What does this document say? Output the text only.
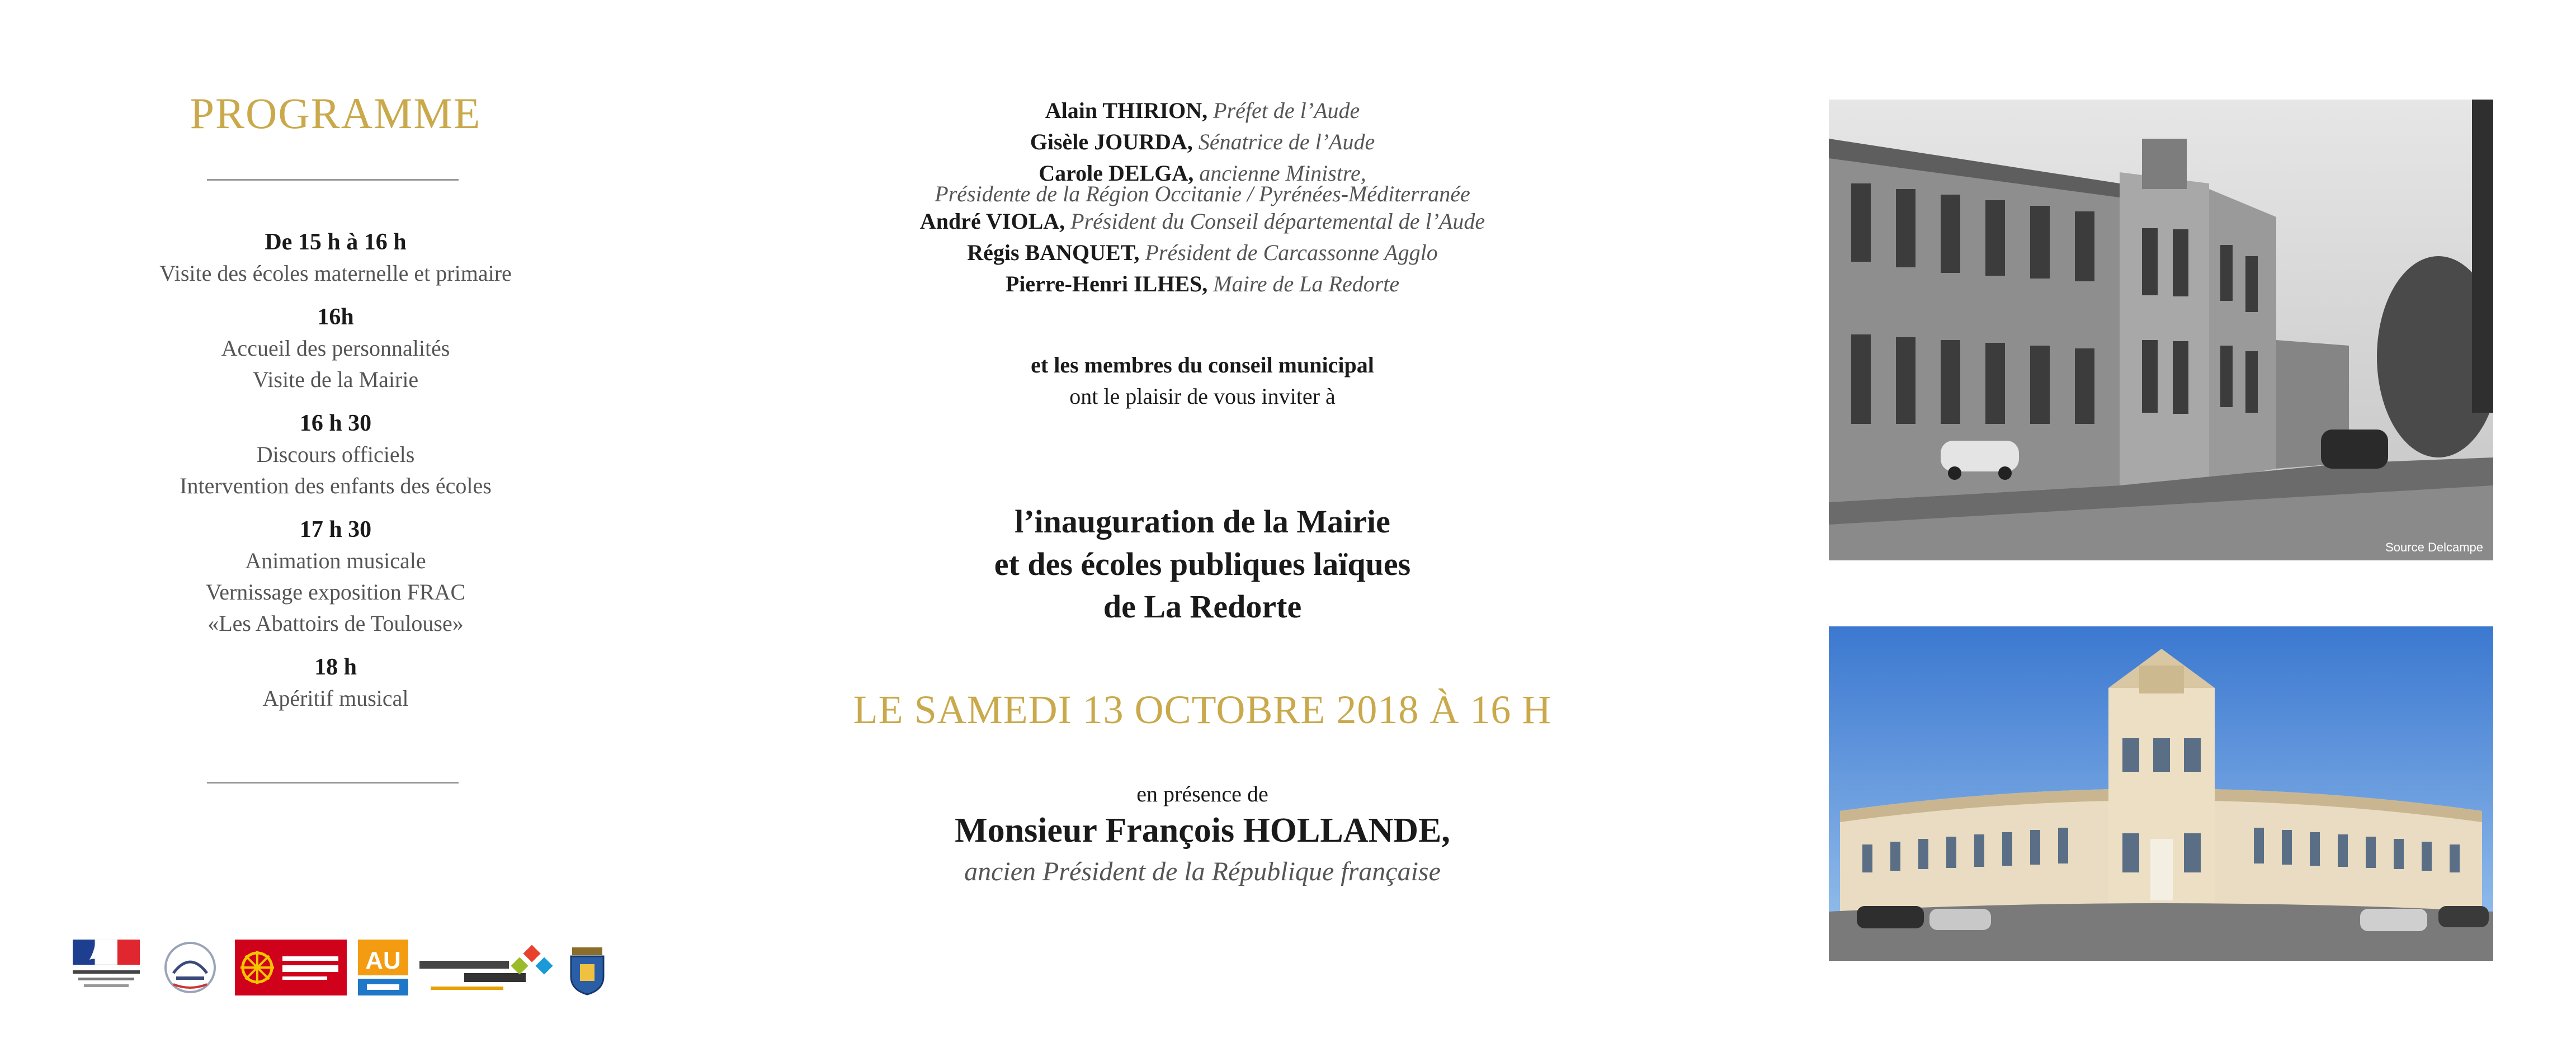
PROGRAMME
De 15 h à 16 h
Visite des écoles maternelle et primaire
16h
Accueil des personnalités
Visite de la Mairie
16 h 30
Discours officiels
Intervention des enfants des écoles
17 h 30
Animation musicale
Vernissage exposition FRAC
«Les Abattoirs de Toulouse»
18 h
Apéritif musical
AU
Alain THIRION, Préfet de l’Aude
Gisèle JOURDA, Sénatrice de l’Aude
Carole DELGA, ancienne Ministre,
Présidente de la Région Occitanie / Pyrénées-Méditerranée
André VIOLA, Président du Conseil départemental de l’Aude
Régis BANQUET, Président de Carcassonne Agglo
Pierre-Henri ILHES, Maire de La Redorte
et les membres du conseil municipal
ont le plaisir de vous inviter à
l’inauguration de la Mairie
et des écoles publiques laïques
de La Redorte
LE SAMEDI 13 OCTOBRE 2018 À 16 H
en présence de
Monsieur François HOLLANDE,
ancien Président de la République française
Source Delcampe
